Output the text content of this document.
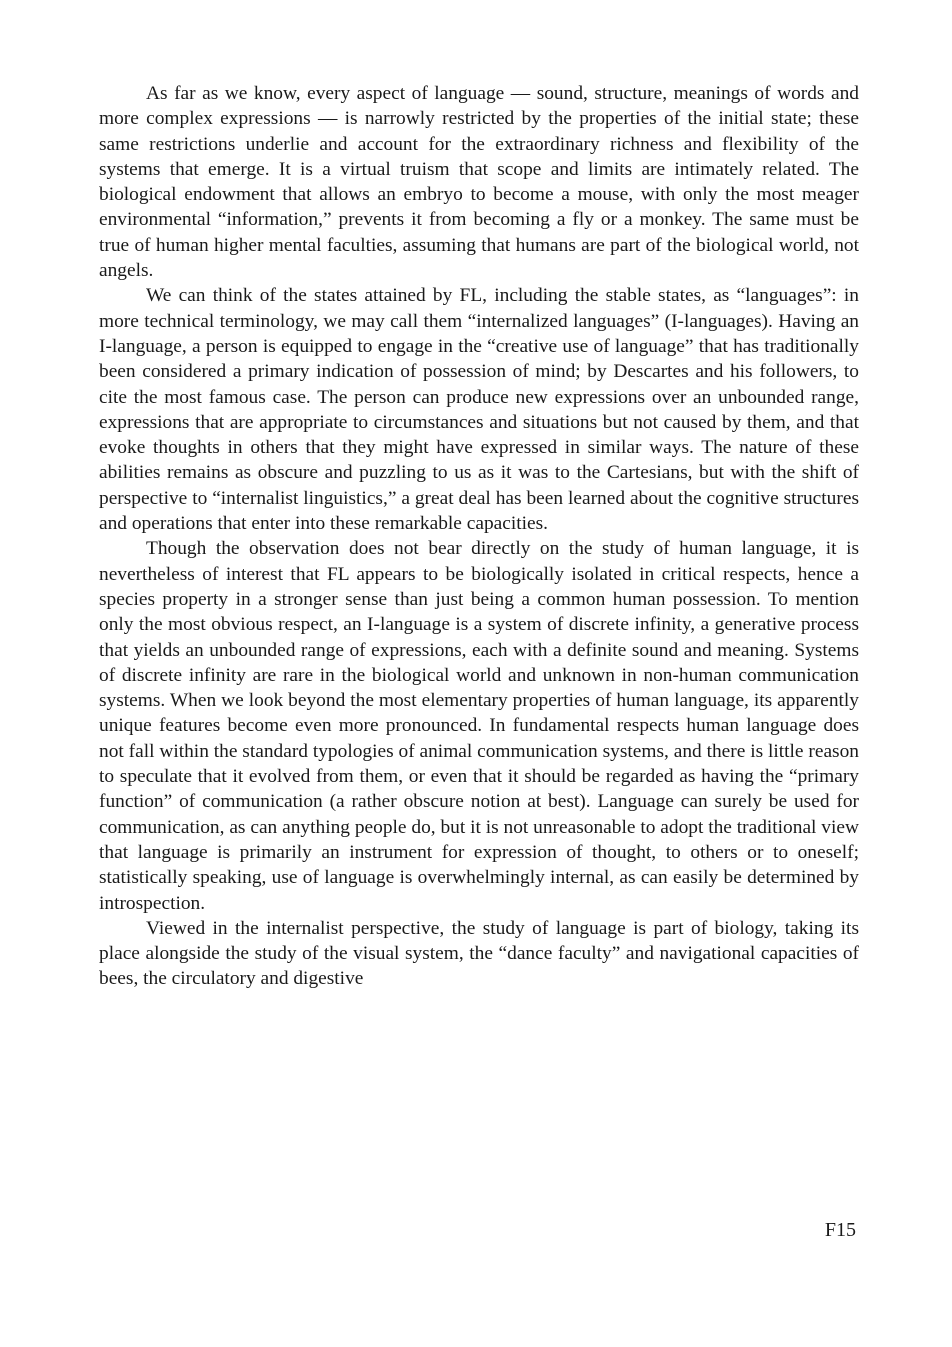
As far as we know, every aspect of language — sound, structure, meanings of words and more complex expressions — is narrowly restricted by the properties of the initial state; these same restrictions underlie and account for the extraordinary richness and flexibility of the systems that emerge. It is a virtual truism that scope and limits are intimately related. The biological endowment that allows an embryo to become a mouse, with only the most meager environmental “information,” prevents it from becoming a fly or a monkey. The same must be true of human higher mental faculties, assuming that humans are part of the biological world, not angels.

We can think of the states attained by FL, including the stable states, as “languages”: in more technical terminology, we may call them “internalized languages” (I-languages). Having an I-language, a person is equipped to engage in the “creative use of language” that has traditionally been considered a primary indication of possession of mind; by Descartes and his followers, to cite the most famous case. The person can produce new expressions over an unbounded range, expressions that are appropriate to circumstances and situations but not caused by them, and that evoke thoughts in others that they might have expressed in similar ways. The nature of these abilities remains as obscure and puzzling to us as it was to the Cartesians, but with the shift of perspective to “internalist linguistics,” a great deal has been learned about the cognitive structures and operations that enter into these remarkable capacities.

Though the observation does not bear directly on the study of human language, it is nevertheless of interest that FL appears to be biologically isolated in critical respects, hence a species property in a stronger sense than just being a common human possession. To mention only the most obvious respect, an I-language is a system of discrete infinity, a generative process that yields an unbounded range of expressions, each with a definite sound and meaning. Systems of discrete infinity are rare in the biological world and unknown in non-human communication systems. When we look beyond the most elementary properties of human language, its apparently unique features become even more pronounced. In fundamental respects human language does not fall within the standard typologies of animal communication systems, and there is little reason to speculate that it evolved from them, or even that it should be regarded as having the “primary function” of communication (a rather obscure notion at best). Language can surely be used for communication, as can anything people do, but it is not unreasonable to adopt the traditional view that language is primarily an instrument for expression of thought, to others or to oneself; statistically speaking, use of language is overwhelmingly internal, as can easily be determined by introspection.

Viewed in the internalist perspective, the study of language is part of biology, taking its place alongside the study of the visual system, the “dance faculty” and navigational capacities of bees, the circulatory and digestive

F15
